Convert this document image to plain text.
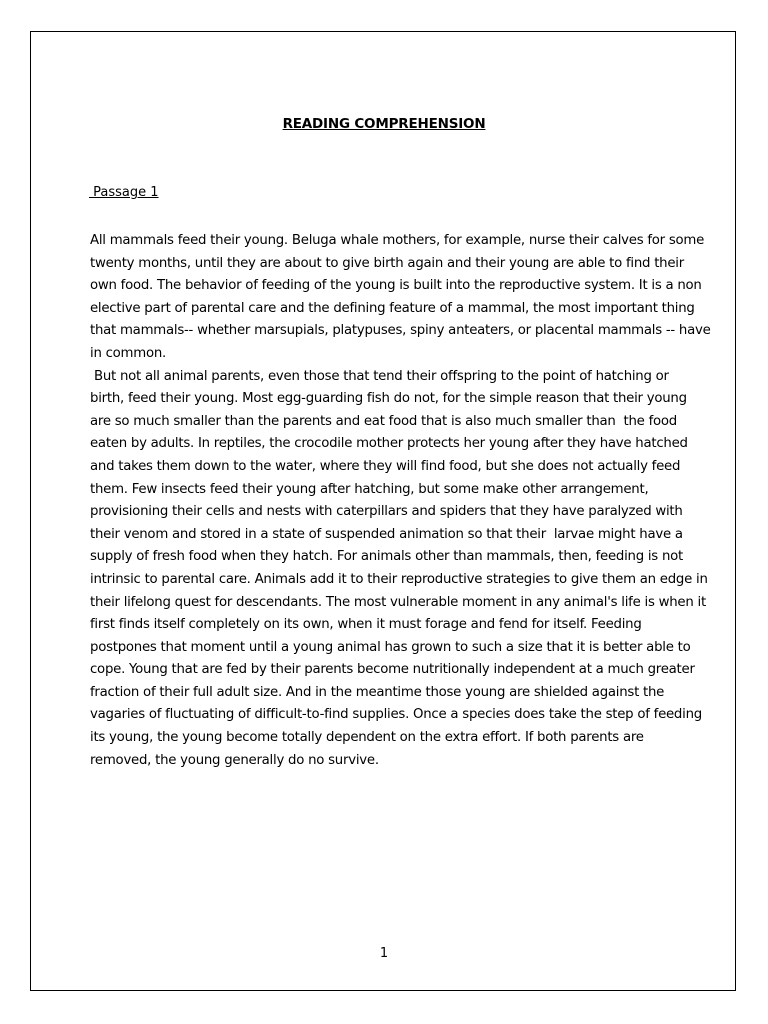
READING COMPREHENSION
Passage 1
All mammals feed their young. Beluga whale mothers, for example, nurse their calves for some
twenty months, until they are about to give birth again and their young are able to find their
own food. The behavior of feeding of the young is built into the reproductive system. It is a non
elective part of parental care and the defining feature of a mammal, the most important thing
that mammals-- whether marsupials, platypuses, spiny anteaters, or placental mammals -- have
in common.
But not all animal parents, even those that tend their offspring to the point of hatching or
birth, feed their young. Most egg-guarding fish do not, for the simple reason that their young
are so much smaller than the parents and eat food that is also much smaller than  the food
eaten by adults. In reptiles, the crocodile mother protects her young after they have hatched
and takes them down to the water, where they will find food, but she does not actually feed
them. Few insects feed their young after hatching, but some make other arrangement,
provisioning their cells and nests with caterpillars and spiders that they have paralyzed with
their venom and stored in a state of suspended animation so that their  larvae might have a
supply of fresh food when they hatch. For animals other than mammals, then, feeding is not
intrinsic to parental care. Animals add it to their reproductive strategies to give them an edge in
their lifelong quest for descendants. The most vulnerable moment in any animal's life is when it
first finds itself completely on its own, when it must forage and fend for itself. Feeding
postpones that moment until a young animal has grown to such a size that it is better able to
cope. Young that are fed by their parents become nutritionally independent at a much greater
fraction of their full adult size. And in the meantime those young are shielded against the
vagaries of fluctuating of difficult-to-find supplies. Once a species does take the step of feeding
its young, the young become totally dependent on the extra effort. If both parents are
removed, the young generally do no survive.
1
